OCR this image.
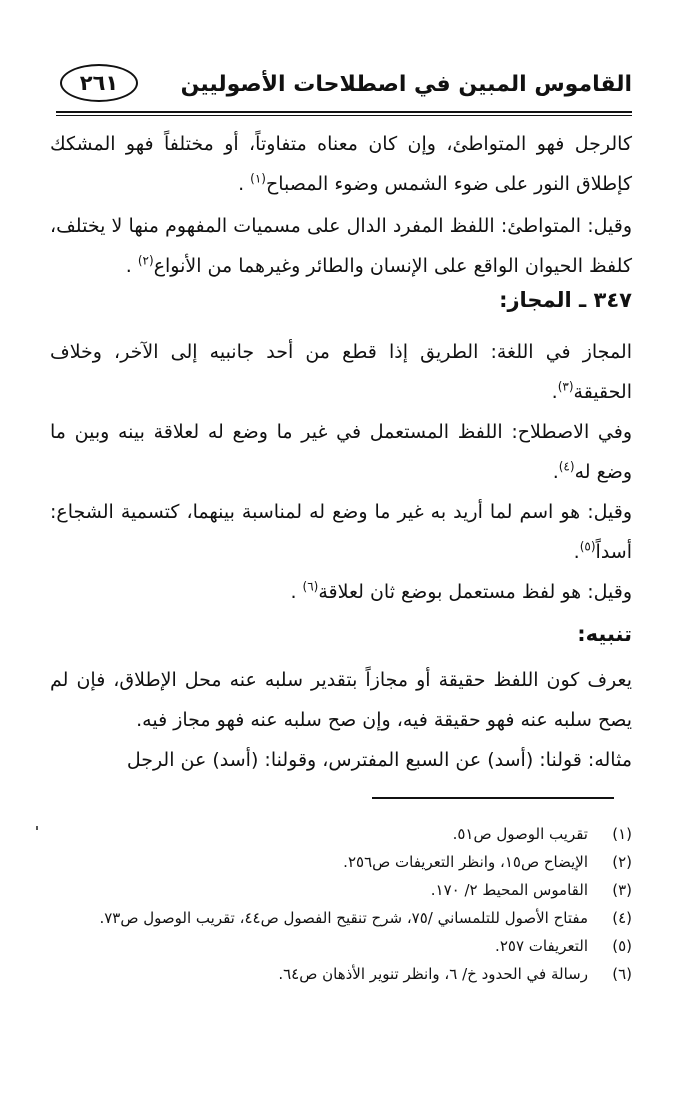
القاموس المبين في اصطلاحات الأصوليين
٢٦١

كالرجل فهو المتواطئ، وإن كان معناه متفاوتاً، أو مختلفاً فهو المشكك كإطلاق النور على ضوء الشمس وضوء المصباح$^{(١)}$ .

وقيل: المتواطئ: اللفظ المفرد الدال على مسميات المفهوم منها لا يختلف، كلفظ الحيوان الواقع على الإنسان والطائر وغيرهما من الأنواع$^{(٢)}$ .

٣٤٧ ـ المجاز:

المجاز في اللغة: الطريق إذا قطع من أحد جانبيه إلى الآخر، وخلاف الحقيقة$^{(٣)}$.

وفي الاصطلاح: اللفظ المستعمل في غير ما وضع له لعلاقة بينه وبين ما وضع له$^{(٤)}$.

وقيل: هو اسم لما أريد به غير ما وضع له لمناسبة بينهما، كتسمية الشجاع: أسداً$^{(٥)}$.

وقيل: هو لفظ مستعمل بوضع ثان لعلاقة$^{(٦)}$ .

تنبيه:

يعرف كون اللفظ حقيقة أو مجازاً بتقدير سلبه عنه محل الإطلاق، فإن لم يصح سلبه عنه فهو حقيقة فيه، وإن صح سلبه عنه فهو مجاز فيه.

مثاله: قولنا: (أسد) عن السبع المفترس، وقولنا: (أسد) عن الرجل

(١)
تقريب الوصول ص٥١.
(٢)
الإيضاح ص١٥، وانظر التعريفات ص٢٥٦.
(٣)
القاموس المحيط ٢/ ١٧٠.
(٤)
مفتاح الأصول للتلمساني /٧٥، شرح تنقيح الفصول ص٤٤، تقريب الوصول ص٧٣.
(٥)
التعريفات ٢٥٧.
(٦)
رسالة في الحدود خ/ ٦، وانظر تنوير الأذهان ص٦٤.
